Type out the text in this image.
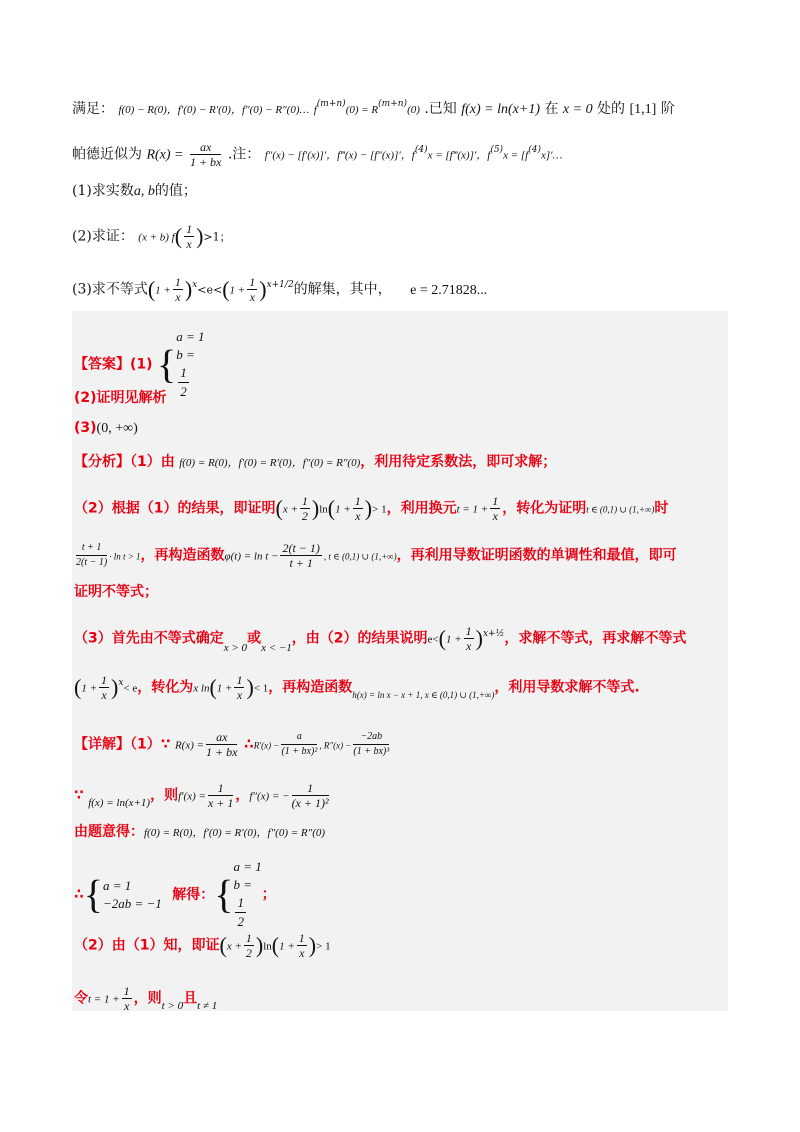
满足： f(0) − R(0)，f′(0) − R′(0)，f″(0) − R″(0)… $f^{(m+n)}(0) = R^{(m+n)}(0)$ .已知 f(x) = ln(x+1) 在 x = 0 处的 [1,1] 阶
帕德近似为 $R(x) = \frac{ax}{1 + bx}$ .注： f″(x) − [f′(x)]′，f‴(x) − [f″(x)]′，$f^{(4)}x$ = [f‴(x)]′，$f^{(5)}x$ = $[f^{(4)}x]'\dots$
(1)求实数a, b的值；
(2)求证： (x + b) $f( \frac{1}{x} )>1$；
(3)求不等式$(1 + \frac{1}{x} )^x<e<(1 + \frac{1}{x} )^{x+1/2}$的解集，其中， e = 2.71828...
【答案】(1) {
a = 1
b =
$\frac{1}{2}$
(2)证明见解析
(3)(0, +∞)
【分析】（1）由 f(0) = R(0)，f′(0) = R′(0)，f″(0) = R″(0)，利用待定系数法，即可求解；
（2）根据（1）的结果，即证明$(x + \frac{1}{2} )\ln(1 + \frac{1}{x}$ )> 1，利用换元$t = 1 + \frac{1}{x}$ ，转化为证明t ∈ (0,1) ∪ (1,+∞)时
$\frac{t + 1}{2(t - 1)} \cdot \ln t > 1$，再构造函数$\varphi(t) = \ln t - \frac{2(t - 1)}{t + 1}$ , t ∈ (0,1) ∪ (1,+∞)，再利用导数证明函数的单调性和最值，即可
证明不等式；
（3）首先由不等式确定$_{x > 0}$或$_{x < -1}$，由（2）的结果说明$e<(1 + \frac{1}{x} )^{x+\frac{1}{2}}$，求解不等式，再求解不等式
$(1 + \frac{1}{x} )^x< e$，转化为x $\ln(1 + \frac{1}{x}$ )< 1，再构造函数$_{h(x) = ln x - x + 1, x \in (0,1) \cup (1,+\infty)}$，利用导数求解不等式.
【详解】（1）∵ $R(x) = \frac{ax}{1 + bx}$ ∴R′(x) − $\frac{a}{\text{(1 + bx)²}}$ , $R''(x) - \frac{-2ab}{\text{(1 + bx)³}}$
∵ $_{f(x) = ln(x+1)}$，则$f'(x) = \frac{1}{x + 1}$ ，f″(x) = − $\frac{1}{\text{(x + 1)²}}$
由题意得：f(0) = R(0)，f′(0) = R′(0)，f″(0) = R″(0)
∴{ a = 1
−2ab = −1
解得：{
a = 1
b =
$\frac{1}{2}$ ；
（2）由（1）知，即证$(x + \frac{1}{2} )\ln(1 + \frac{1}{x}$ )> 1
令$t = 1 + \frac{1}{x}$ ，则$_{t > 0}$且$_{t \ne 1}$
